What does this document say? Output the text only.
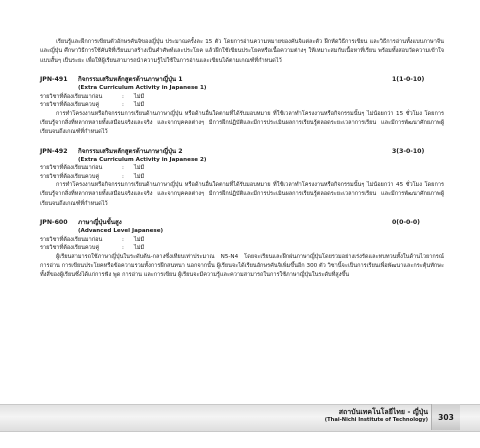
เรียนรู้และฝึกการเขียนตัวอักษรคันจิของญี่ปุ่น ประมาณครั้งละ 15 ตัว โดยการอ่านความหมายของคันจิแต่ละตัว ฝึกหัดวิธีการเขียน และวิธีการอ่านทั้งแบบภาษาจีนและญี่ปุ่น ศึกษาวิธีการใช้คันจิที่เรียนมาสร้างเป็นคำศัพท์และประโยค แล้วฝึกใช้เขียนประโยคหรือเนื้อความต่างๆ ให้เหมาะสมกับเนื้อหาที่เรียน พร้อมทั้งสอบวัดความเข้าใจแบบสั้นๆ เป็นระยะ เพื่อให้ผู้เรียนสามารถนำความรู้ไปใช้ในการอ่านและเขียนได้ตามเกณฑ์ที่กำหนดไว้

JPN-491	กิจกรรมเสริมหลักสูตรด้านภาษาญี่ปุ่น 1	1(1-0-10)
(Extra Curriculum Activity in Japanese 1)
รายวิชาที่ต้องเรียนมาก่อน	:	ไม่มี
รายวิชาที่ต้องเรียนควบคู่	:	ไม่มี

การทำโครงงานหรือกิจกรรมการเรียนด้านภาษาญี่ปุ่น หรือด้านอื่นใดตามที่ได้รับมอบหมาย ที่ใช้เวลาทำโครงงานหรือกิจกรรมนั้นๆ ไม่น้อยกว่า 15 ชั่วโมง โดยการเรียนรู้จากสิ่งที่หลากหลายทั้งเสมือนจริงและจริง และจากบุคคลต่างๆ มีการฝึกปฏิบัติและมีการประเมินผลการเรียนรู้ตลอดระยะเวลาการเรียน และมีการพัฒนาศักยภาพผู้เรียนจนถึงเกณฑ์ที่กำหนดไว้

JPN-492	กิจกรรมเสริมหลักสูตรด้านภาษาญี่ปุ่น 2	3(3-0-10)
(Extra Curriculum Activity in Japanese 2)
รายวิชาที่ต้องเรียนมาก่อน	:	ไม่มี
รายวิชาที่ต้องเรียนควบคู่	:	ไม่มี

การทำโครงงานหรือกิจกรรมการเรียนด้านภาษาญี่ปุ่น หรือด้านอื่นใดตามที่ได้รับมอบหมาย ที่ใช้เวลาทำโครงงานหรือกิจกรรมนั้นๆ ไม่น้อยกว่า 45 ชั่วโมง โดยการเรียนรู้จากสิ่งที่หลากหลายทั้งเสมือนจริงและจริง และจากบุคคลต่างๆ มีการฝึกปฏิบัติและมีการประเมินผลการเรียนรู้ตลอดระยะเวลาการเรียน และมีการพัฒนาศักยภาพผู้เรียนจนถึงเกณฑ์ที่กำหนดไว้

JPN-600	ภาษาญี่ปุ่นขั้นสูง	0(0-0-0)
(Advanced Level Japanese)
รายวิชาที่ต้องเรียนมาก่อน	:	ไม่มี
รายวิชาที่ต้องเรียนควบคู่	:	ไม่มี

ผู้เรียนสามารถใช้ภาษาญี่ปุ่นในระดับต้น-กลางซึ่งเทียบเท่าประมาณ N5-N4 โดยจะเรียนและฝึกฝนภาษาญี่ปุ่นโดยรวมอย่างเร่งรัดและทบทวนทั้งในด้านไวยากรณ์ การอ่าน การเขียนประโยคหรือข้อความรวมทั้งการฝึกสนทนา นอกจากนั้น ผู้เรียนจะได้เรียนอักษรคันจิเพิ่มขึ้นอีก 300 ตัว วิชานี้จะเป็นการเรียนเพื่อพัฒนาและกระตุ้นทักษะทั้งสี่ของผู้เรียนซึ่งได้แก่การฟัง พูด การอ่าน และการเขียน ผู้เรียนจะมีความรู้และความสามารถในการใช้ภาษาญี่ปุ่นในระดับที่สูงขึ้น

สถาบันเทคโนโลยีไทย - ญี่ปุ่น
(Thai-Nichi Institute of Technology)	303
